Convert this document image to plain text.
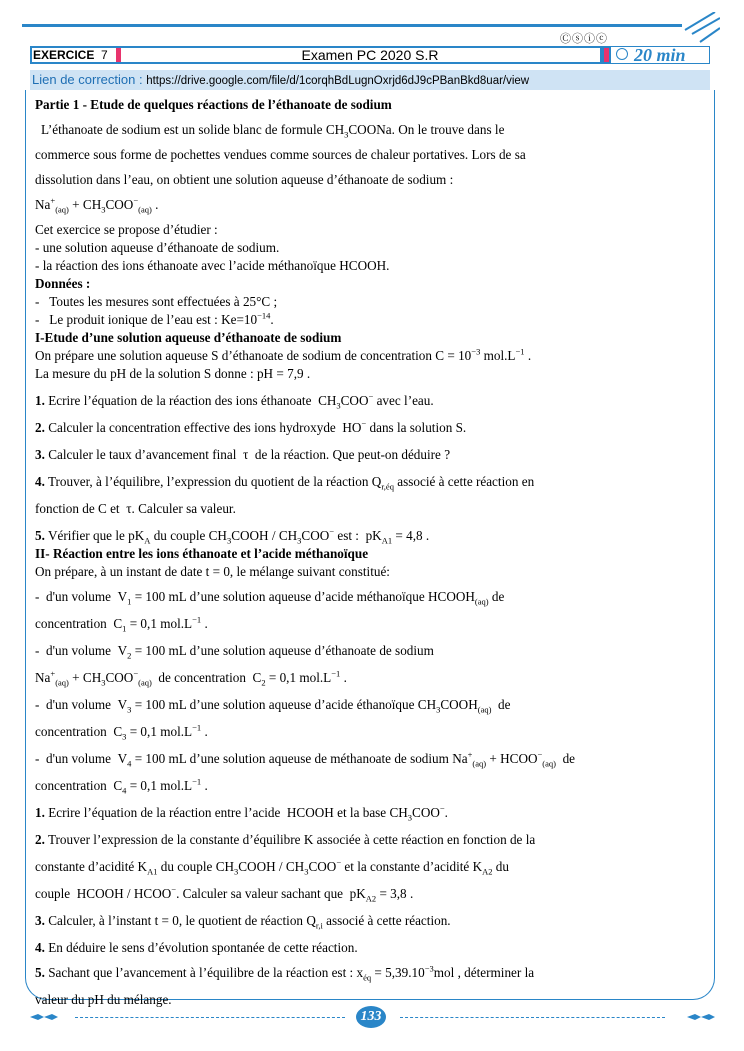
Ⓒⓢⓘⓒ
EXERCICE 7	Examen PC 2020 S.R	20 min
Lien de correction : https://drive.google.com/file/d/1corqhBdLugnOxrjd6dJ9cPBanBkd8uar/view

Partie 1 - Etude de quelques réactions de l’éthanoate de sodium

L’éthanoate de sodium est un solide blanc de formule $CH_3COONa$. On le trouve dans le

commerce sous forme de pochettes vendues comme sources de chaleur portatives. Lors de sa

dissolution dans l’eau, on obtient une solution aqueuse d’éthanoate de sodium :

$Na^+_{(aq)} + CH_3COO^-_{(aq)}$ .

Cet exercice se propose d’étudier :

- une solution aqueuse d’éthanoate de sodium.

- la réaction des ions éthanoate avec l’acide méthanoïque HCOOH.

Données :

-   Toutes les mesures sont effectuées à 25°C ;

-   Le produit ionique de l’eau est : $Ke=10^{-14}$.

I-Etude d’une solution aqueuse d’éthanoate de sodium

On prépare une solution aqueuse S d’éthanoate de sodium de concentration $C = 10^{-3}$ $mol.L^{-1}$ .

La mesure du pH de la solution S donne : pH = 7,9 .

1. Ecrire l’équation de la réaction des ions éthanoate  $CH_3COO^-$ avec l’eau.

2. Calculer la concentration effective des ions hydroxyde  HO− dans la solution S.

3. Calculer le taux d’avancement final  τ  de la réaction. Que peut-on déduire ?

4. Trouver, à l’équilibre, l’expression du quotient de la réaction $Q_{r,éq}$ associé à cette réaction en

fonction de C et  τ. Calculer sa valeur.

5. Vérifier que le $pK_A$ du couple $CH_3COOH / CH_3COO^-$ est :  $pK_{A1} = 4,8$ .

II- Réaction entre les ions éthanoate et l’acide méthanoïque

On prépare, à un instant de date t = 0, le mélange suivant constitué:

-  d'un volume  $V_1 = 100$ mL d’une solution aqueuse d’acide méthanoïque $HCOOH_{(aq)}$ de

concentration  $C_1 = 0,1$ $mol.L^{-1}$ .

-  d'un volume  $V_2 = 100$ mL d’une solution aqueuse d’éthanoate de sodium

$Na^+_{(aq)} + CH_3COO^-_{(aq)}$ de concentration  $C_2 = 0,1$ $mol.L^{-1}$ .

-  d'un volume  $V_3 = 100$ mL d’une solution aqueuse d’acide éthanoïque $CH_3COOH_{(aq)}$ de

concentration  $C_3 = 0,1$ $mol.L^{-1}$ .

-  d'un volume  $V_4 = 100$ mL d’une solution aqueuse de méthanoate de sodium $Na^+_{(aq)}$ + $HCOO^-_{(aq)}$ de

concentration  $C_4 = 0,1$ $mol.L^{-1}$ .

1. Ecrire l’équation de la réaction entre l’acide  HCOOH et la base $CH_3COO^-$.

2. Trouver l’expression de la constante d’équilibre K associée à cette réaction en fonction de la

constante d’acidité $K_{A1}$ du couple $CH_3COOH / CH_3COO^-$ et la constante d’acidité $K_{A2}$ du

couple  HCOOH / HCOO−. Calculer sa valeur sachant que  $pK_{A2} = 3,8$ .

3. Calculer, à l’instant t = 0, le quotient de réaction $Q_{r,i}$ associé à cette réaction.

4. En déduire le sens d’évolution spontanée de cette réaction.

5. Sachant que l’avancement à l’équilibre de la réaction est : $x_{éq} = 5,39.10^{-3}mol$ , déterminer la

valeur du pH du mélange.

133
